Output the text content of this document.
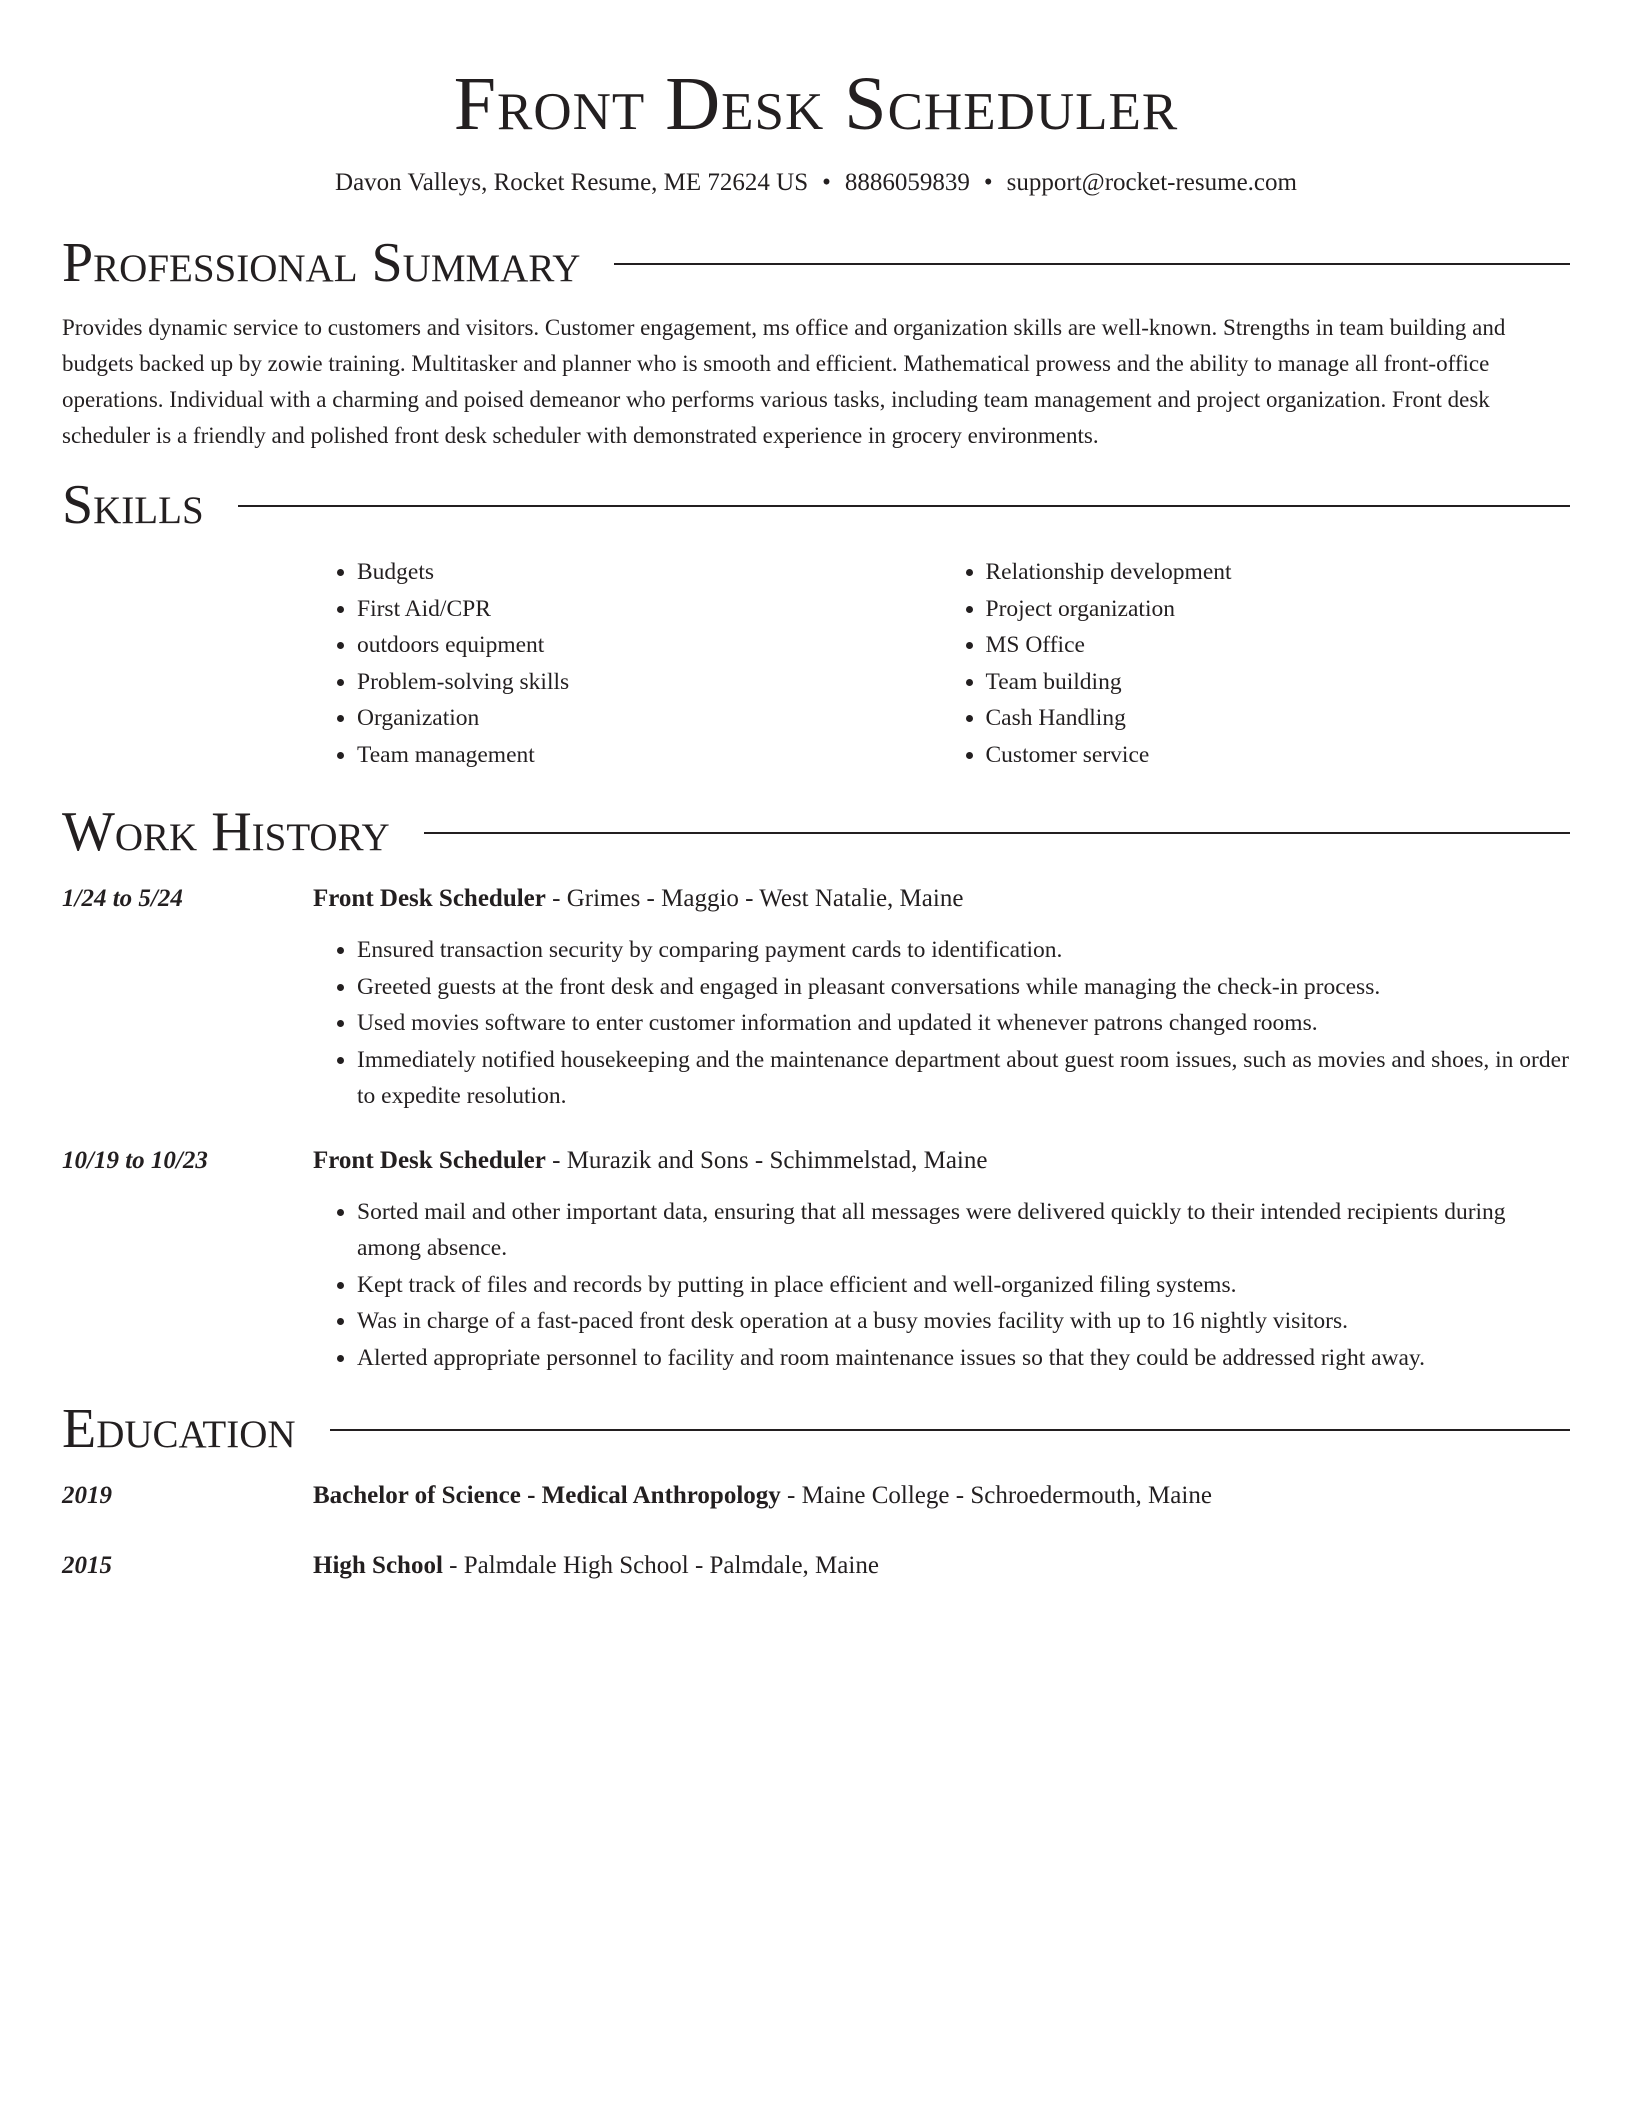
Front Desk Scheduler
Davon Valleys, Rocket Resume, ME 72624 US • 8886059839 • support@rocket-resume.com
Professional Summary

Provides dynamic service to customers and visitors. Customer engagement, ms office and organization skills are well-known. Strengths in team building and budgets backed up by zowie training. Multitasker and planner who is smooth and efficient. Mathematical prowess and the ability to manage all front-office operations. Individual with a charming and poised demeanor who performs various tasks, including team management and project organization. Front desk scheduler is a friendly and polished front desk scheduler with demonstrated experience in grocery environments.

Skills
• Budgets
• First Aid/CPR
• outdoors equipment
• Problem-solving skills
• Organization
• Team management
• Relationship development
• Project organization
• MS Office
• Team building
• Cash Handling
• Customer service
Work History
1/24 to 5/24	Front Desk Scheduler - Grimes - Maggio - West Natalie, Maine
• Ensured transaction security by comparing payment cards to identification.
• Greeted guests at the front desk and engaged in pleasant conversations while managing the check-in process.
• Used movies software to enter customer information and updated it whenever patrons changed rooms.
• Immediately notified housekeeping and the maintenance department about guest room issues, such as movies and shoes, in order to expedite resolution.
10/19 to 10/23	Front Desk Scheduler - Murazik and Sons - Schimmelstad, Maine
• Sorted mail and other important data, ensuring that all messages were delivered quickly to their intended recipients during among absence.
• Kept track of files and records by putting in place efficient and well-organized filing systems.
• Was in charge of a fast-paced front desk operation at a busy movies facility with up to 16 nightly visitors.
• Alerted appropriate personnel to facility and room maintenance issues so that they could be addressed right away.
Education
2019	Bachelor of Science - Medical Anthropology - Maine College - Schroedermouth, Maine
2015	High School - Palmdale High School - Palmdale, Maine
